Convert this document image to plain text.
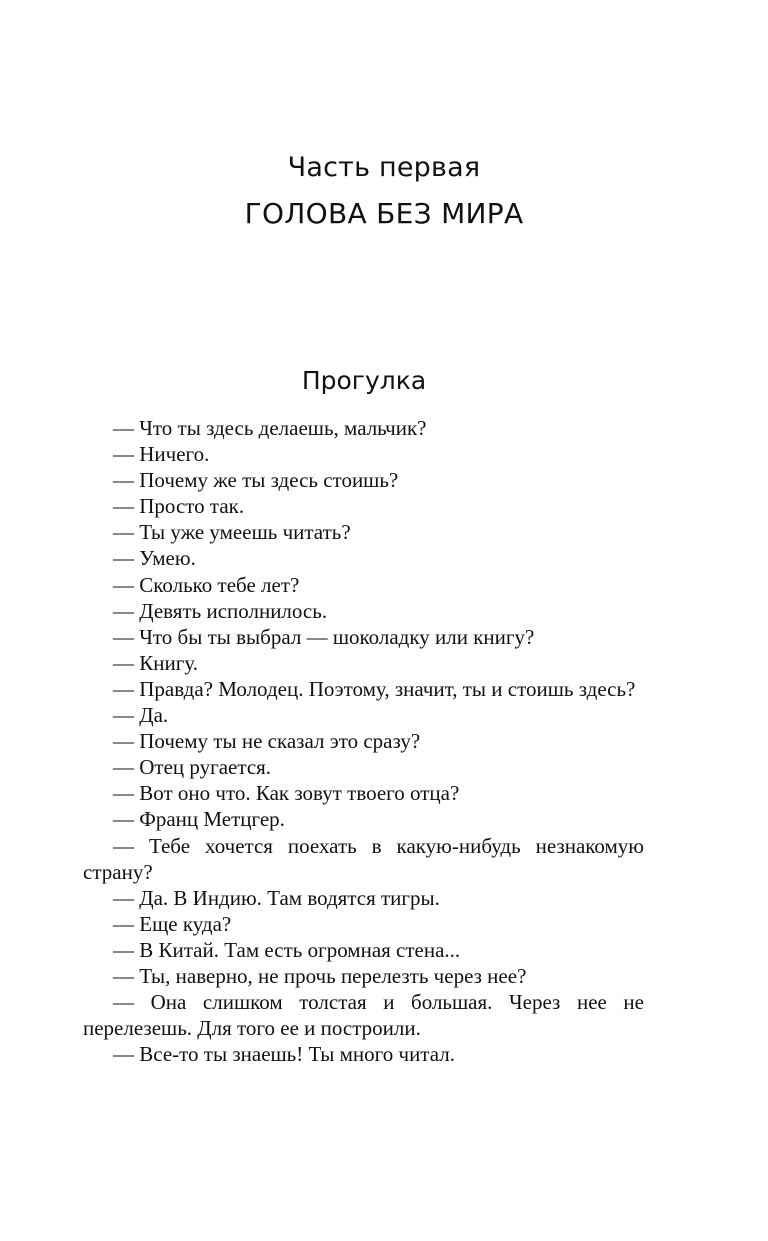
Часть первая
ГОЛОВА БЕЗ МИРА
Прогулка

— Что ты здесь делаешь, мальчик?

— Ничего.

— Почему же ты здесь стоишь?

— Просто так.

— Ты уже умеешь читать?

— Умею.

— Сколько тебе лет?

— Девять исполнилось.

— Что бы ты выбрал — шоколадку или книгу?

— Книгу.

— Правда? Молодец. Поэтому, значит, ты и стоишь здесь?

— Да.

— Почему ты не сказал это сразу?

— Отец ругается.

— Вот оно что. Как зовут твоего отца?

— Франц Метцгер.

— Тебе хочется поехать в какую-нибудь незнакомую страну?

— Да. В Индию. Там водятся тигры.

— Еще куда?

— В Китай. Там есть огромная стена...

— Ты, наверно, не прочь перелезть через нее?

— Она слишком толстая и большая. Через нее не перелезешь. Для того ее и построили.

— Все-то ты знаешь! Ты много читал.
